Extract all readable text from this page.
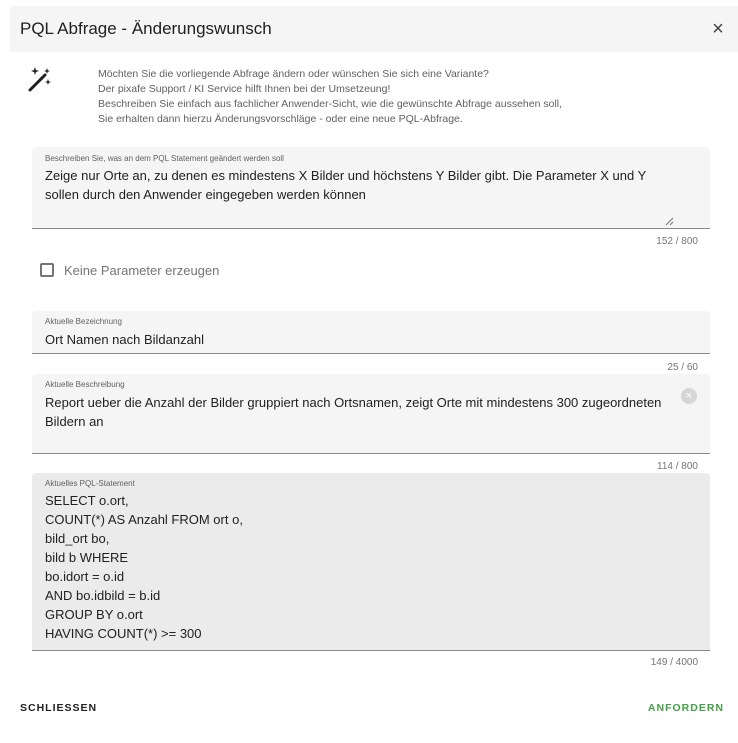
PQL Abfrage - Änderungswunsch	×
Möchten Sie die vorliegende Abfrage ändern oder wünschen Sie sich eine Variante?
Der pixafe Support / KI Service hilft Ihnen bei der Umsetzeung!
Beschreiben Sie einfach aus fachlicher Anwender-Sicht, wie die gewünschte Abfrage aussehen soll,
Sie erhalten dann hierzu Änderungsvorschläge - oder eine neue PQL-Abfrage.
Beschreiben Sie, was an dem PQL Statement geändert werden soll
Zeige nur Orte an, zu denen es mindestens X Bilder und höchstens Y Bilder gibt. Die Parameter X und Y sollen durch den Anwender eingegeben werden können
152 / 800
Keine Parameter erzeugen
Aktuelle Bezeichnung
Ort Namen nach Bildanzahl
25 / 60
Aktuelle Beschreibung
Report ueber die Anzahl der Bilder gruppiert nach Ortsnamen, zeigt Orte mit mindestens 300 zugeordneten Bildern an
×
114 / 800
Aktuelles PQL-Statement
SELECT o.ort,
COUNT(*) AS Anzahl FROM ort o,
bild_ort bo,
bild b WHERE
bo.idort = o.id
AND bo.idbild = b.id
GROUP BY o.ort
HAVING COUNT(*) >= 300
149 / 4000
SCHLIESSEN	ANFORDERN
